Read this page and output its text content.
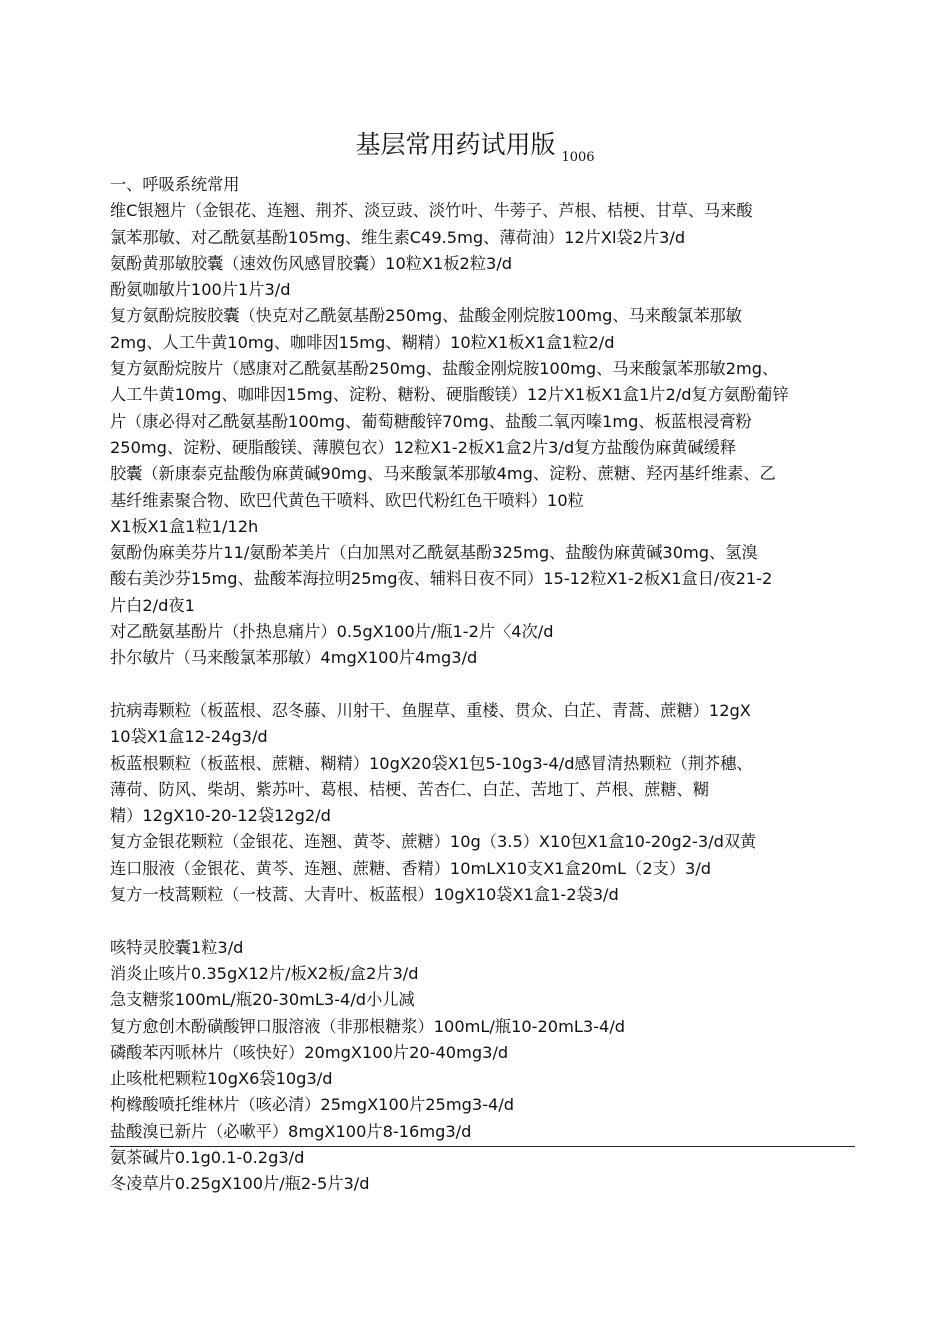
基层常用药试用版 $_{1006}$
一、呼吸系统常用
维C银翘片（金银花、连翘、荆芥、淡豆豉、淡竹叶、牛蒡子、芦根、桔梗、甘草、马来酸
氯苯那敏、对乙酰氨基酚105mg、维生素C49.5mg、薄荷油）12片Xl袋2片3/d
氨酚黄那敏胶囊（速效伤风感冒胶囊）10粒X1板2粒3/d
酚氨咖敏片100片1片3/d
复方氨酚烷胺胶囊（快克对乙酰氨基酚250mg、盐酸金刚烷胺100mg、马来酸氯苯那敏
2mg、人工牛黄10mg、咖啡因15mg、糊精）10粒X1板X1盒1粒2/d
复方氨酚烷胺片（感康对乙酰氨基酚250mg、盐酸金刚烷胺100mg、马来酸氯苯那敏2mg、
人工牛黄10mg、咖啡因15mg、淀粉、糖粉、硬脂酸镁）12片X1板X1盒1片2/d复方氨酚葡锌
片（康必得对乙酰氨基酚100mg、葡萄糖酸锌70mg、盐酸二氧丙嗪1mg、板蓝根浸膏粉
250mg、淀粉、硬脂酸镁、薄膜包衣）12粒X1-2板X1盒2片3/d复方盐酸伪麻黄碱缓释
胶囊（新康泰克盐酸伪麻黄碱90mg、马来酸氯苯那敏4mg、淀粉、蔗糖、羟丙基纤维素、乙
基纤维素聚合物、欧巴代黄色干喷料、欧巴代粉红色干喷料）10粒
X1板X1盒1粒1/12h
氨酚伪麻美芬片11/氨酚苯美片（白加黑对乙酰氨基酚325mg、盐酸伪麻黄碱30mg、氢溴
酸右美沙芬15mg、盐酸苯海拉明25mg夜、辅料日夜不同）15-12粒X1-2板X1盒日/夜21-2
片白2/d夜1
对乙酰氨基酚片（扑热息痛片）0.5gX100片/瓶1-2片〈4次/d
扑尔敏片（马来酸氯苯那敏）4mgX100片4mg3/d
抗病毒颗粒（板蓝根、忍冬藤、川射干、鱼腥草、重楼、贯众、白芷、青蒿、蔗糖）12gX
10袋X1盒12-24g3/d
板蓝根颗粒（板蓝根、蔗糖、糊精）10gX20袋X1包5-10g3-4/d感冒清热颗粒（荆芥穗、
薄荷、防风、柴胡、紫苏叶、葛根、桔梗、苦杏仁、白芷、苦地丁、芦根、蔗糖、糊
精）12gX10-20-12袋12g2/d
复方金银花颗粒（金银花、连翘、黄苓、蔗糖）10g（3.5）X10包X1盒10-20g2-3/d双黄
连口服液（金银花、黄芩、连翘、蔗糖、香精）10mLX10支X1盒20mL（2支）3/d
复方一枝蒿颗粒（一枝蒿、大青叶、板蓝根）10gX10袋X1盒1-2袋3/d
咳特灵胶囊1粒3/d
消炎止咳片0.35gX12片/板X2板/盒2片3/d
急支糖浆100mL/瓶20-30mL3-4/d小儿减
复方愈创木酚磺酸钾口服溶液（非那根糖浆）100mL/瓶10-20mL3-4/d
磷酸苯丙哌林片（咳快好）20mgX100片20-40mg3/d
止咳枇杷颗粒10gX6袋10g3/d
枸橼酸喷托维林片（咳必清）25mgX100片25mg3-4/d
盐酸溴已新片（必嗽平）8mgX100片8-16mg3/d
氨茶碱片0.1g0.1-0.2g3/d
冬凌草片0.25gX100片/瓶2-5片3/d
